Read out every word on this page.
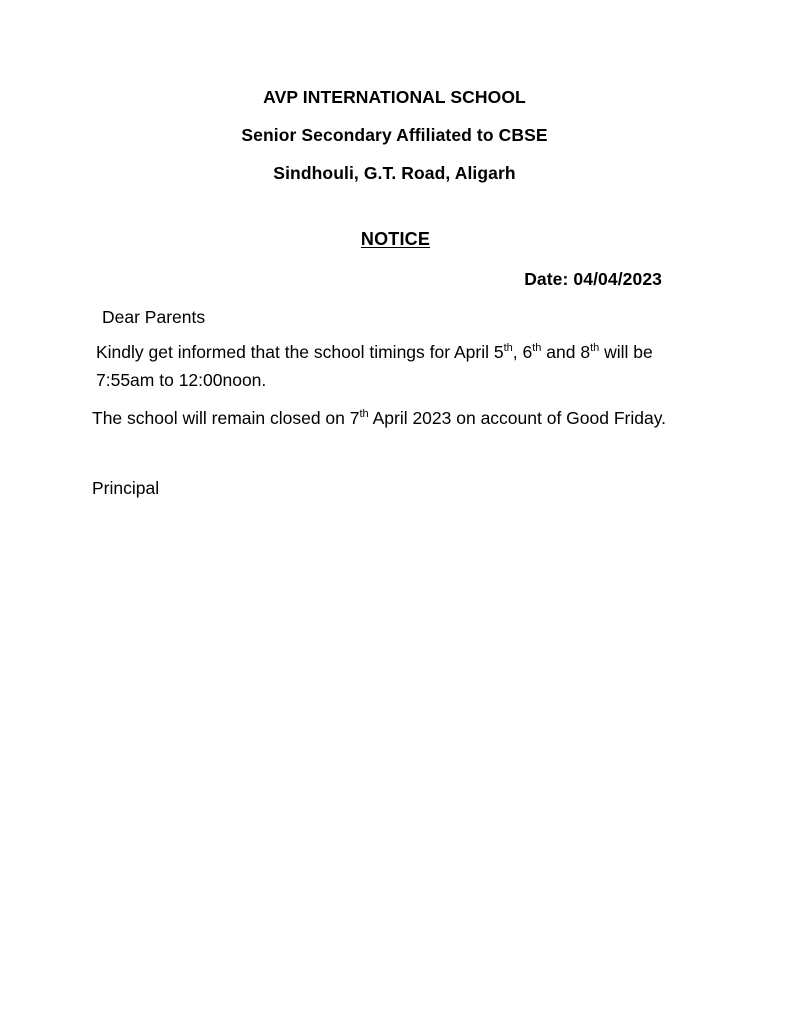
AVP INTERNATIONAL SCHOOL
Senior Secondary Affiliated to CBSE
Sindhouli, G.T. Road, Aligarh
NOTICE
Date: 04/04/2023
Dear Parents
Kindly get informed that the school timings for April 5th, 6th and 8th will be 7:55am to 12:00noon.
The school will remain closed on 7th April 2023 on account of Good Friday.
Principal
